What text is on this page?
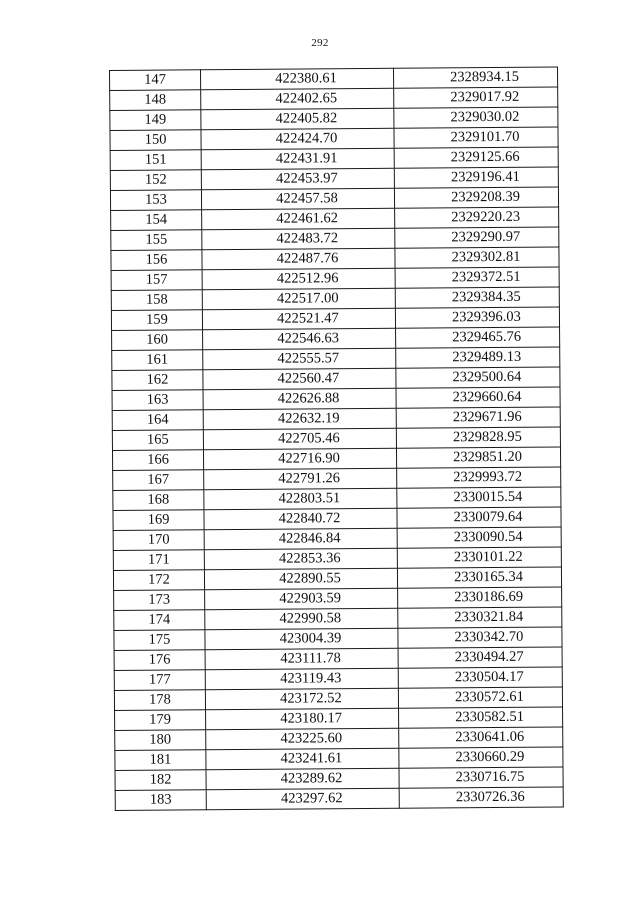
292
147	422380.61	2328934.15
148	422402.65	2329017.92
149	422405.82	2329030.02
150	422424.70	2329101.70
151	422431.91	2329125.66
152	422453.97	2329196.41
153	422457.58	2329208.39
154	422461.62	2329220.23
155	422483.72	2329290.97
156	422487.76	2329302.81
157	422512.96	2329372.51
158	422517.00	2329384.35
159	422521.47	2329396.03
160	422546.63	2329465.76
161	422555.57	2329489.13
162	422560.47	2329500.64
163	422626.88	2329660.64
164	422632.19	2329671.96
165	422705.46	2329828.95
166	422716.90	2329851.20
167	422791.26	2329993.72
168	422803.51	2330015.54
169	422840.72	2330079.64
170	422846.84	2330090.54
171	422853.36	2330101.22
172	422890.55	2330165.34
173	422903.59	2330186.69
174	422990.58	2330321.84
175	423004.39	2330342.70
176	423111.78	2330494.27
177	423119.43	2330504.17
178	423172.52	2330572.61
179	423180.17	2330582.51
180	423225.60	2330641.06
181	423241.61	2330660.29
182	423289.62	2330716.75
183	423297.62	2330726.36
